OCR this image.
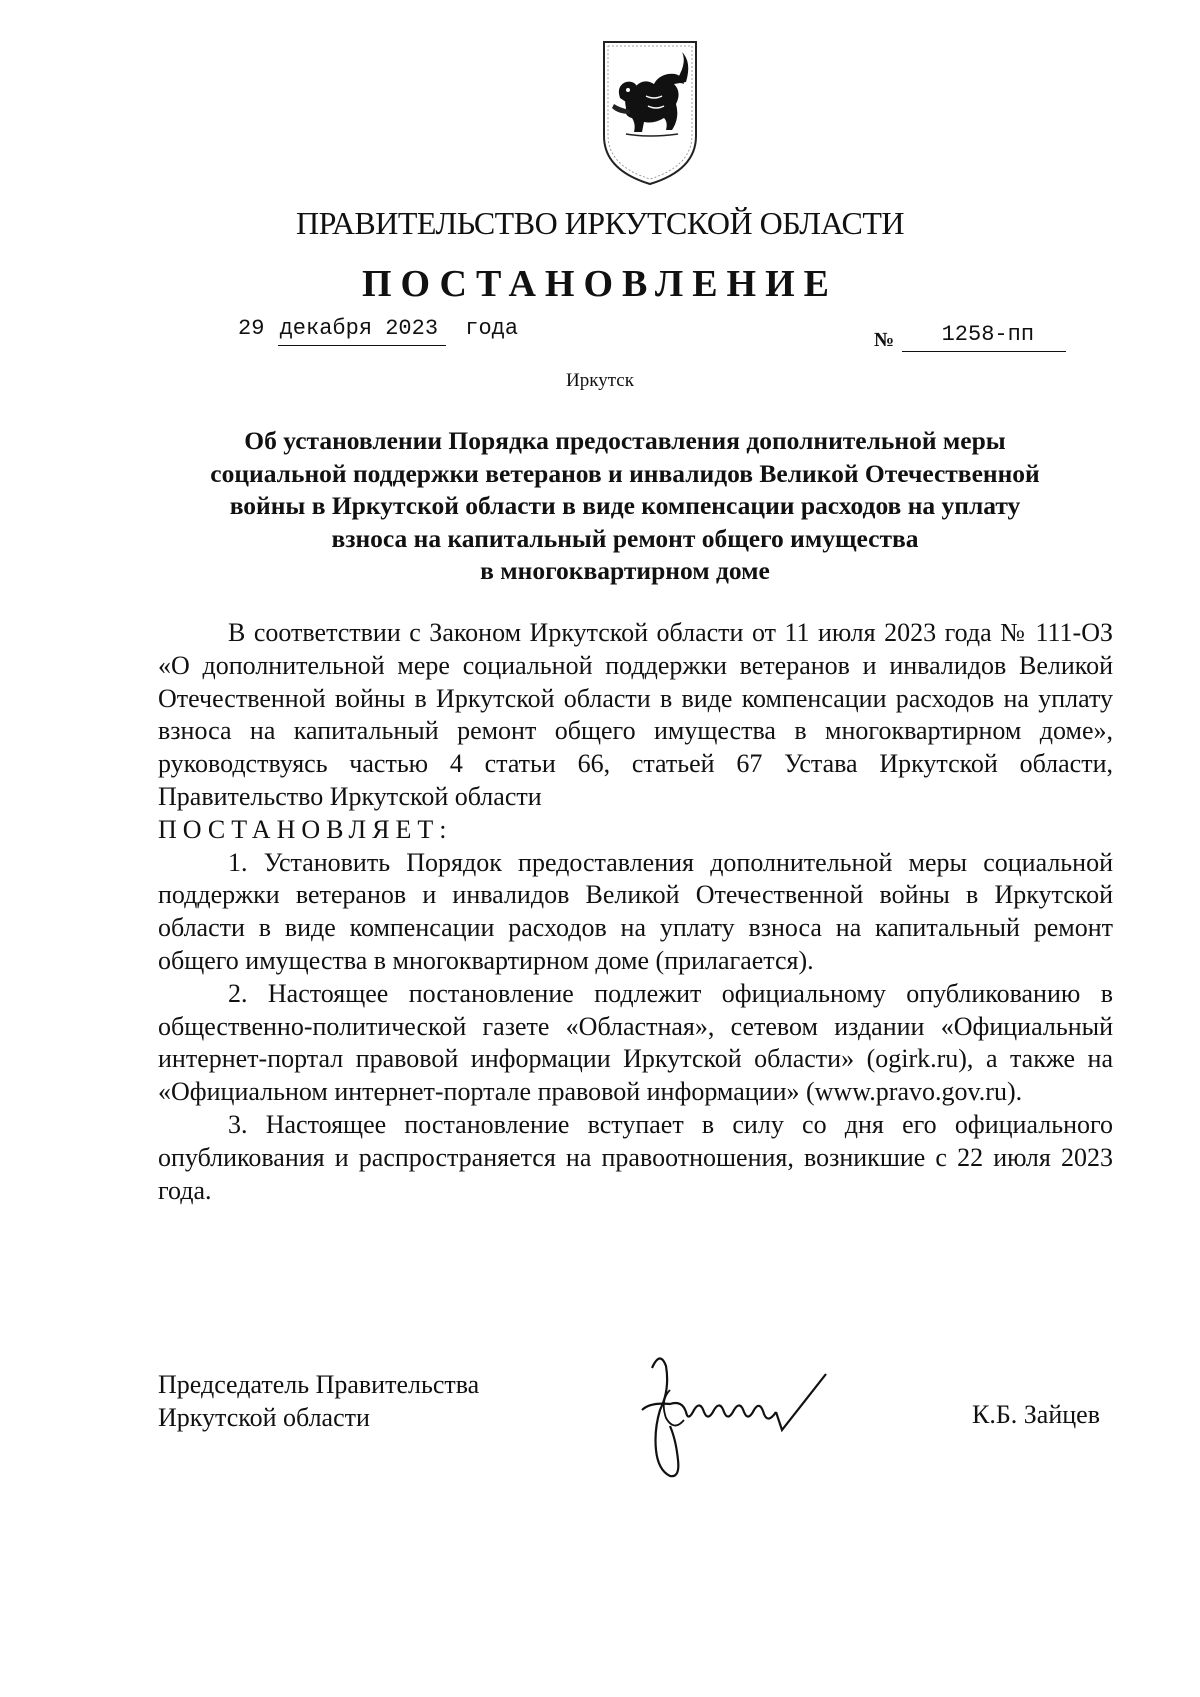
ПРАВИТЕЛЬСТВО ИРКУТСКОЙ ОБЛАСТИ
ПОСТАНОВЛЕНИЕ
29 декабря 2023 года	№ 1258-пп
Иркутск
Об установлении Порядка предоставления дополнительной меры
социальной поддержки ветеранов и инвалидов Великой Отечественной
войны в Иркутской области в виде компенсации расходов на уплату
взноса на капитальный ремонт общего имущества
в многоквартирном доме

В соответствии с Законом Иркутской области от 11 июля 2023 года № 111-ОЗ «О дополнительной мере социальной поддержки ветеранов и инвалидов Великой Отечественной войны в Иркутской области в виде компенсации расходов на уплату взноса на капитальный ремонт общего имущества в многоквартирном доме», руководствуясь частью 4 статьи 66, статьей 67 Устава Иркутской области, Правительство Иркутской области

ПОСТАНОВЛЯЕТ:

1. Установить Порядок предоставления дополнительной меры социальной поддержки ветеранов и инвалидов Великой Отечественной войны в Иркутской области в виде компенсации расходов на уплату взноса на капитальный ремонт общего имущества в многоквартирном доме (прилагается).

2. Настоящее постановление подлежит официальному опубликованию в общественно-политической газете «Областная», сетевом издании «Официальный интернет-портал правовой информации Иркутской области» (ogirk.ru), а также на «Официальном интернет-портале правовой информации» (www.pravo.gov.ru).

3. Настоящее постановление вступает в силу со дня его официального опубликования и распространяется на правоотношения, возникшие с 22 июля 2023 года.

Председатель Правительства
Иркутской области	К.Б. Зайцев
